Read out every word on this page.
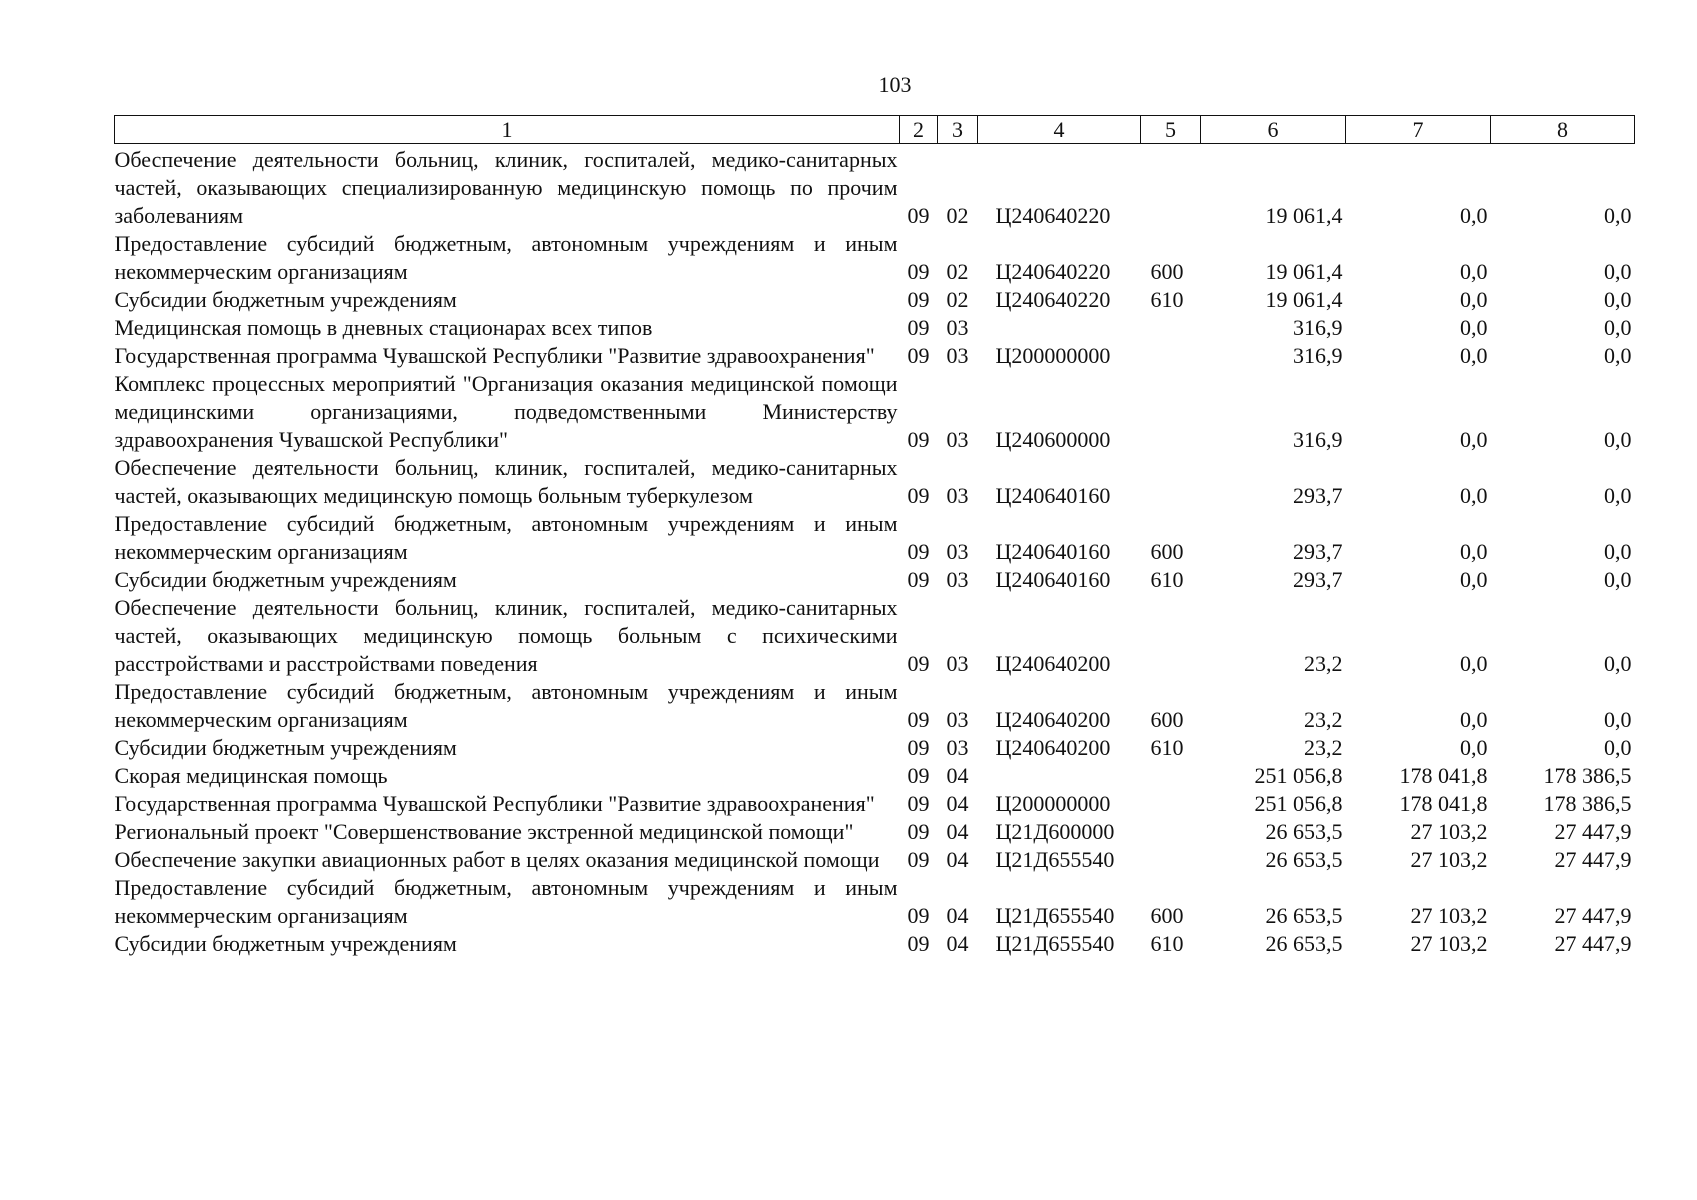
103
1	2	3	4	5	6	7	8
Обеспечение деятельности больниц, клиник, госпиталей, медико-санитарных частей, оказывающих специализированную медицинскую помощь по прочим заболеваниям	09	02	Ц240640220		19 061,4	0,0	0,0
Предоставление субсидий бюджетным, автономным учреждениям и иным некоммерческим организациям	09	02	Ц240640220	600	19 061,4	0,0	0,0
Субсидии бюджетным учреждениям	09	02	Ц240640220	610	19 061,4	0,0	0,0
Медицинская помощь в дневных стационарах всех типов	09	03			316,9	0,0	0,0
Государственная программа Чувашской Республики "Развитие здравоохранения"	09	03	Ц200000000		316,9	0,0	0,0
Комплекс процессных мероприятий "Организация оказания медицинской помощи медицинскими организациями, подведомственными Министерству здравоохранения Чувашской Республики"	09	03	Ц240600000		316,9	0,0	0,0
Обеспечение деятельности больниц, клиник, госпиталей, медико-санитарных частей, оказывающих медицинскую помощь больным туберкулезом	09	03	Ц240640160		293,7	0,0	0,0
Предоставление субсидий бюджетным, автономным учреждениям и иным некоммерческим организациям	09	03	Ц240640160	600	293,7	0,0	0,0
Субсидии бюджетным учреждениям	09	03	Ц240640160	610	293,7	0,0	0,0
Обеспечение деятельности больниц, клиник, госпиталей, медико-санитарных частей, оказывающих медицинскую помощь больным с психическими расстройствами и расстройствами поведения	09	03	Ц240640200		23,2	0,0	0,0
Предоставление субсидий бюджетным, автономным учреждениям и иным некоммерческим организациям	09	03	Ц240640200	600	23,2	0,0	0,0
Субсидии бюджетным учреждениям	09	03	Ц240640200	610	23,2	0,0	0,0
Скорая медицинская помощь	09	04			251 056,8	178 041,8	178 386,5
Государственная программа Чувашской Республики "Развитие здравоохранения"	09	04	Ц200000000		251 056,8	178 041,8	178 386,5
Региональный проект "Совершенствование экстренной медицинской помощи"	09	04	Ц21Д600000		26 653,5	27 103,2	27 447,9
Обеспечение закупки авиационных работ в целях оказания медицинской помощи	09	04	Ц21Д655540		26 653,5	27 103,2	27 447,9
Предоставление субсидий бюджетным, автономным учреждениям и иным некоммерческим организациям	09	04	Ц21Д655540	600	26 653,5	27 103,2	27 447,9
Субсидии бюджетным учреждениям	09	04	Ц21Д655540	610	26 653,5	27 103,2	27 447,9
